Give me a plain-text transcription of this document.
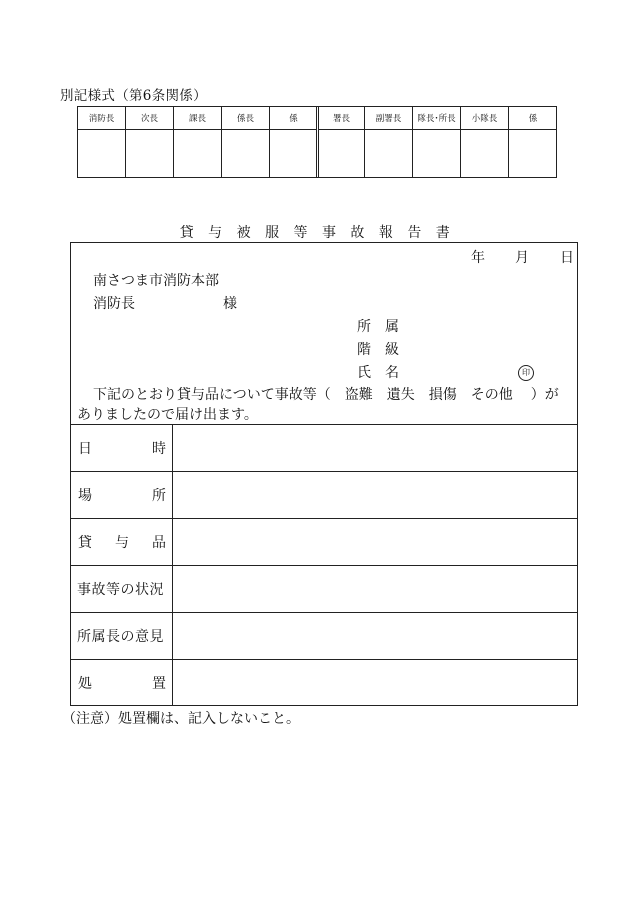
別記様式（第6条関係）
消防長	次長	課長	係長	係	署長	副署長	隊長･所長	小隊長	係
貸 与 被 服 等 事 故 報 告 書
年 月 日
南さつま市消防本部
消防長	様
所　属
階　級
氏　名	印
下記のとおり貸与品について事故等（ 盗難 遺失 損傷 その他 ）が
ありましたので届け出ます。
日 時	

場 所	

貸 与 品	

事故等の状況	

所属長の意見	

処 置	

（注意）処置欄は、記入しないこと。
